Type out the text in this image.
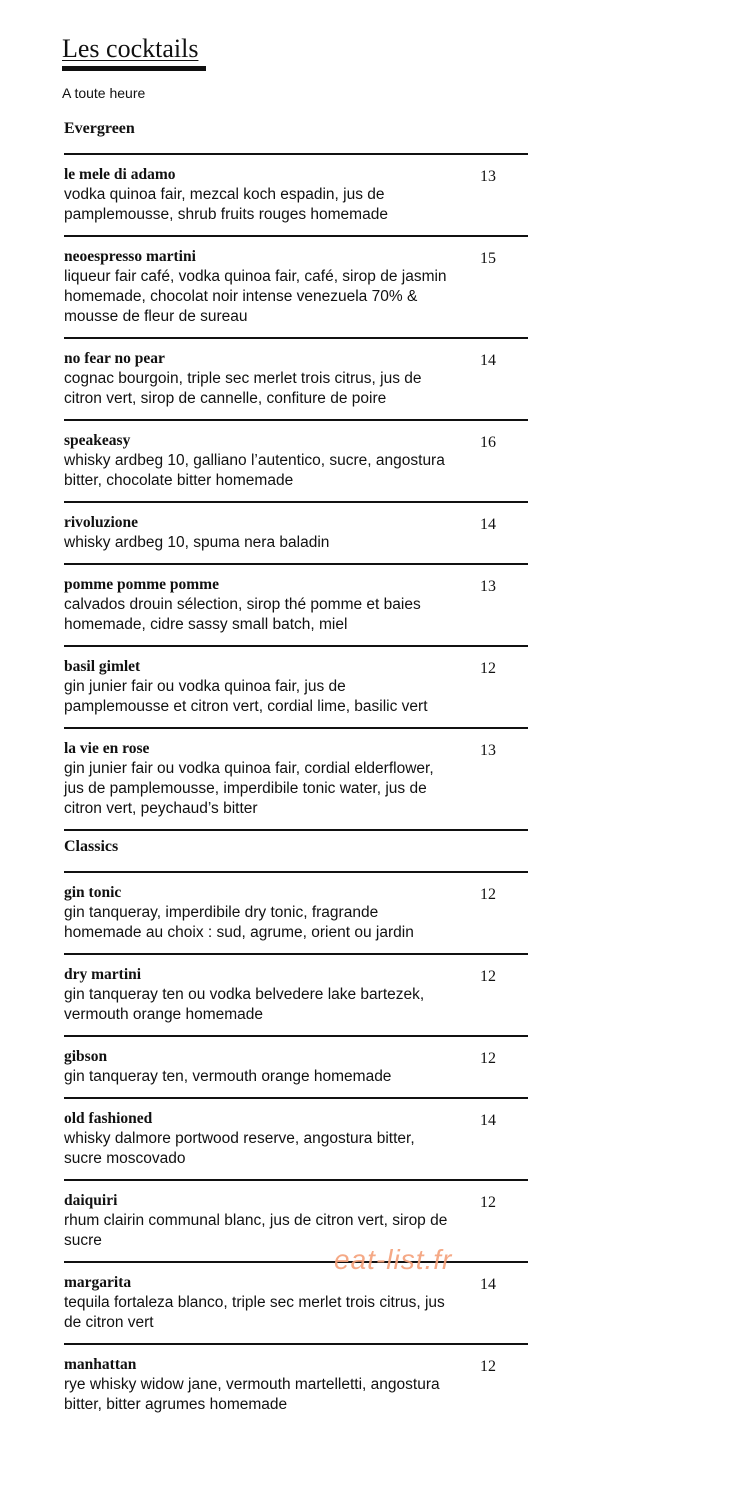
Les cocktails
A toute heure
Evergreen
le mele di adamo
vodka quinoa fair, mezcal koch espadin, jus de pamplemousse, shrub fruits rouges homemade
13
neoespresso martini
liqueur fair café, vodka quinoa fair, café, sirop de jasmin homemade, chocolat noir intense venezuela 70% & mousse de fleur de sureau
15
no fear no pear
cognac bourgoin, triple sec merlet trois citrus, jus de citron vert, sirop de cannelle, confiture de poire
14
speakeasy
whisky ardbeg 10, galliano l’autentico, sucre, angostura bitter, chocolate bitter homemade
16
rivoluzione
whisky ardbeg 10, spuma nera baladin
14
pomme pomme pomme
calvados drouin sélection, sirop thé pomme et baies homemade, cidre sassy small batch, miel
13
basil gimlet
gin junier fair ou vodka quinoa fair, jus de pamplemousse et citron vert, cordial lime, basilic vert
12
la vie en rose
gin junier fair ou vodka quinoa fair, cordial elderflower, jus de pamplemousse, imperdibile tonic water, jus de citron vert, peychaud’s bitter
13
Classics
gin tonic
gin tanqueray, imperdibile dry tonic, fragrande homemade au choix : sud, agrume, orient ou jardin
12
dry martini
gin tanqueray ten ou vodka belvedere lake bartezek, vermouth orange homemade
12
gibson
gin tanqueray ten, vermouth orange homemade
12
old fashioned
whisky dalmore portwood reserve, angostura bitter, sucre moscovado
14
daiquiri
rhum clairin communal blanc, jus de citron vert, sirop de sucre
12
margarita
tequila fortaleza blanco, triple sec merlet trois citrus, jus de citron vert
14
manhattan
rye whisky widow jane, vermouth martelletti, angostura bitter, bitter agrumes homemade
12
eat-list.fr
